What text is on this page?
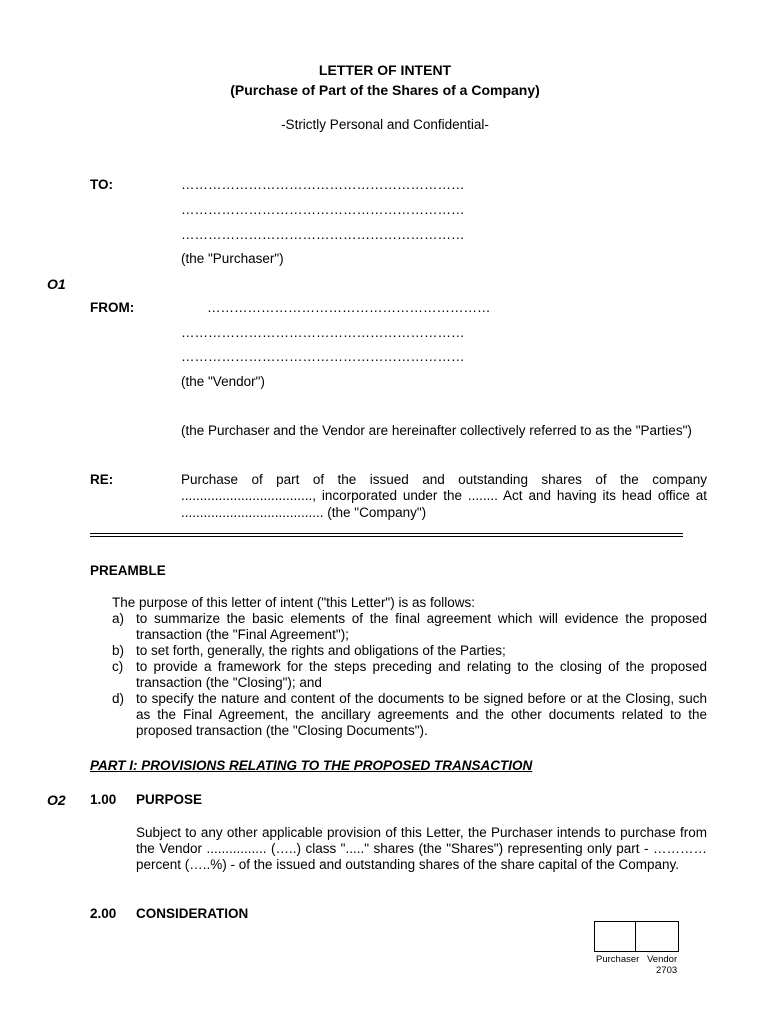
LETTER OF INTENT
(Purchase of Part of the Shares of a Company)
-Strictly Personal and Confidential-
TO:	………………………………………………………
………………………………………………………
………………………………………………………
(the "Purchaser")
O1
FROM:	………………………………………………………
………………………………………………………
………………………………………………………
(the "Vendor")
(the Purchaser and the Vendor are hereinafter collectively referred to as the "Parties")
RE:	Purchase of part of the issued and outstanding shares of the company
..................................., incorporated under the ........ Act and having its head office at
...................................... (the "Company")
PREAMBLE
The purpose of this letter of intent ("this Letter") is as follows:
a) to summarize the basic elements of the final agreement which will evidence the proposed transaction (the "Final Agreement");
b) to set forth, generally, the rights and obligations of the Parties;
c) to provide a framework for the steps preceding and relating to the closing of the proposed transaction (the "Closing"); and
d) to specify the nature and content of the documents to be signed before or at the Closing, such as the Final Agreement, the ancillary agreements and the other documents related to the proposed transaction (the "Closing Documents").
PART I: PROVISIONS RELATING TO THE PROPOSED TRANSACTION
O2 1.00 PURPOSE
Subject to any other applicable provision of this Letter, the Purchaser intends to purchase from the Vendor ................ (…..) class "....." shares (the "Shares") representing only part - ………… percent (…..%) - of the issued and outstanding shares of the share capital of the Company.
2.00 CONSIDERATION
Purchaser Vendor
2703
